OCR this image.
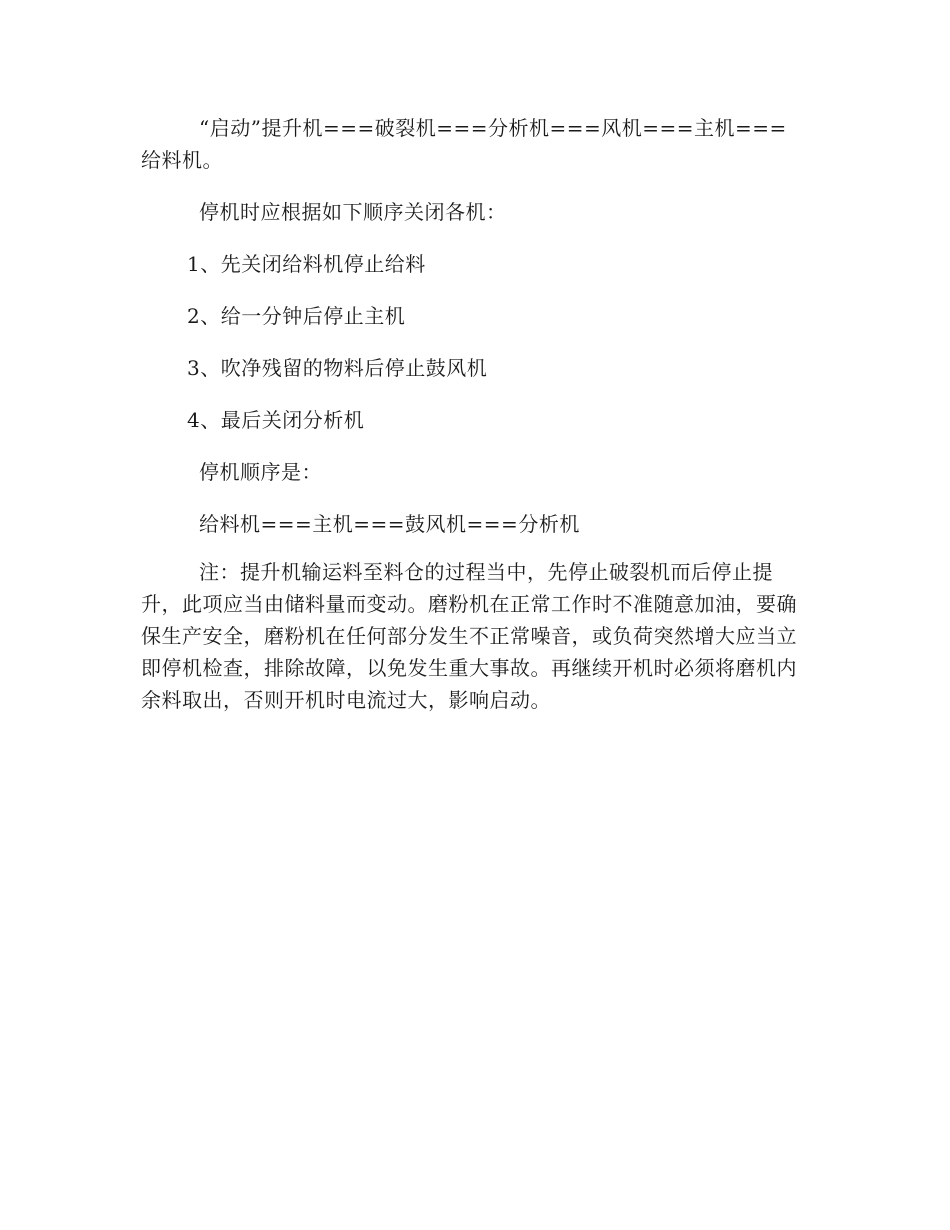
“启动”提升机===破裂机===分析机===风机===主机===给料机。

停机时应根据如下顺序关闭各机：

1、先关闭给料机停止给料

2、给一分钟后停止主机

3、吹净残留的物料后停止鼓风机

4、最后关闭分析机

停机顺序是：

给料机===主机===鼓风机===分析机

注：提升机输运料至料仓的过程当中，先停止破裂机而后停止提升，此项应当由储料量而变动。磨粉机在正常工作时不准随意加油，要确保生产安全，磨粉机在任何部分发生不正常噪音，或负荷突然增大应当立即停机检查，排除故障，以免发生重大事故。再继续开机时必须将磨机内余料取出，否则开机时电流过大，影响启动。
